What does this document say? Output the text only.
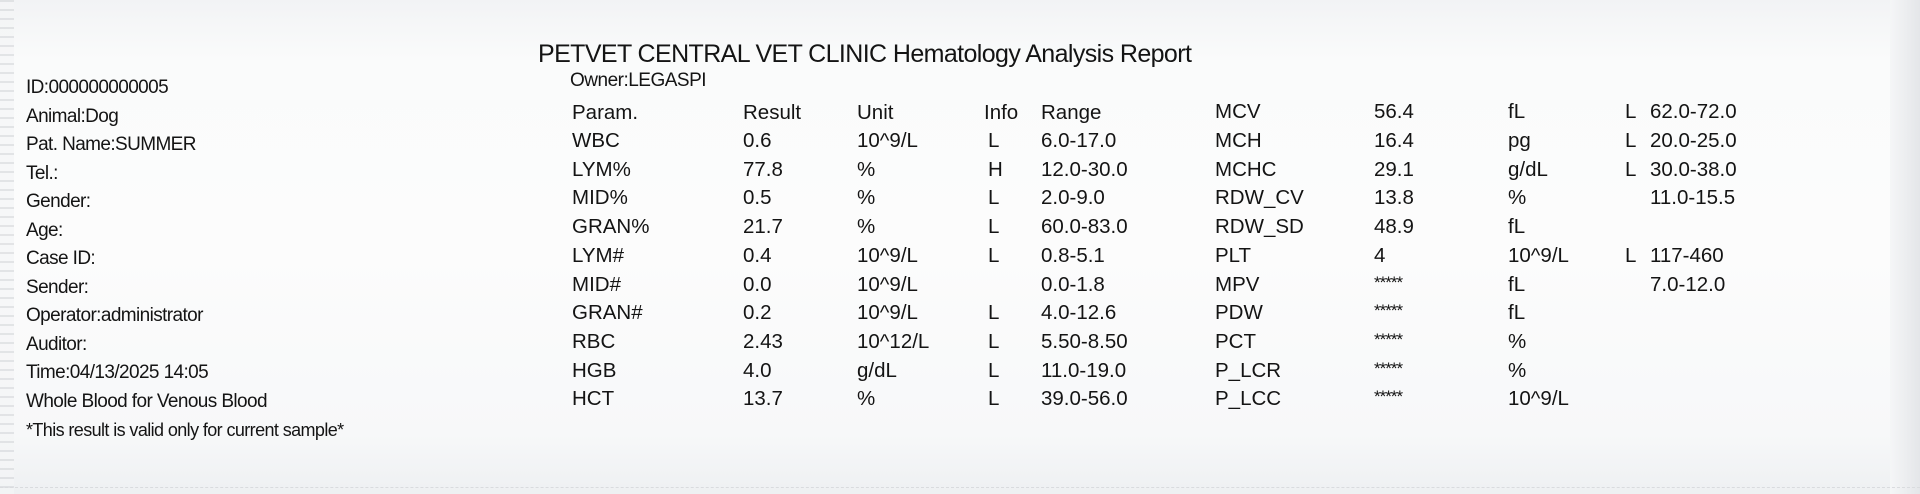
PETVET CENTRAL VET CLINIC Hematology Analysis Report
Owner:LEGASPI
ID:000000000005
Animal:Dog
Pat. Name:SUMMER
Tel.:
Gender:
Age:
Case ID:
Sender:
Operator:administrator
Auditor:
Time:04/13/2025 14:05
Whole Blood for Venous Blood
*This result is valid only for current sample*
Param.	Result	Unit	Info Range	MCV	56.4	fL	L 62.0-72.0
WBC	0.6	10^9/L	L 6.0-17.0	MCH	16.4	pg	L 20.0-25.0
LYM%	77.8	%	H 12.0-30.0	MCHC	29.1	g/dL	L 30.0-38.0
MID%	0.5	%	L 2.0-9.0	RDW_CV	13.8	%	11.0-15.5
GRAN%	21.7	%	L 60.0-83.0	RDW_SD	48.9	fL
LYM#	0.4	10^9/L	L 0.8-5.1	PLT	4	10^9/L	L 117-460
MID#	0.0	10^9/L	0.0-1.8	MPV	*****	fL	7.0-12.0
GRAN#	0.2	10^9/L	L 4.0-12.6	PDW	*****	fL
RBC	2.43	10^12/L	L 5.50-8.50	PCT	*****	%
HGB	4.0	g/dL	L 11.0-19.0	P_LCR	*****	%
HCT	13.7	%	L 39.0-56.0	P_LCC	*****	10^9/L
